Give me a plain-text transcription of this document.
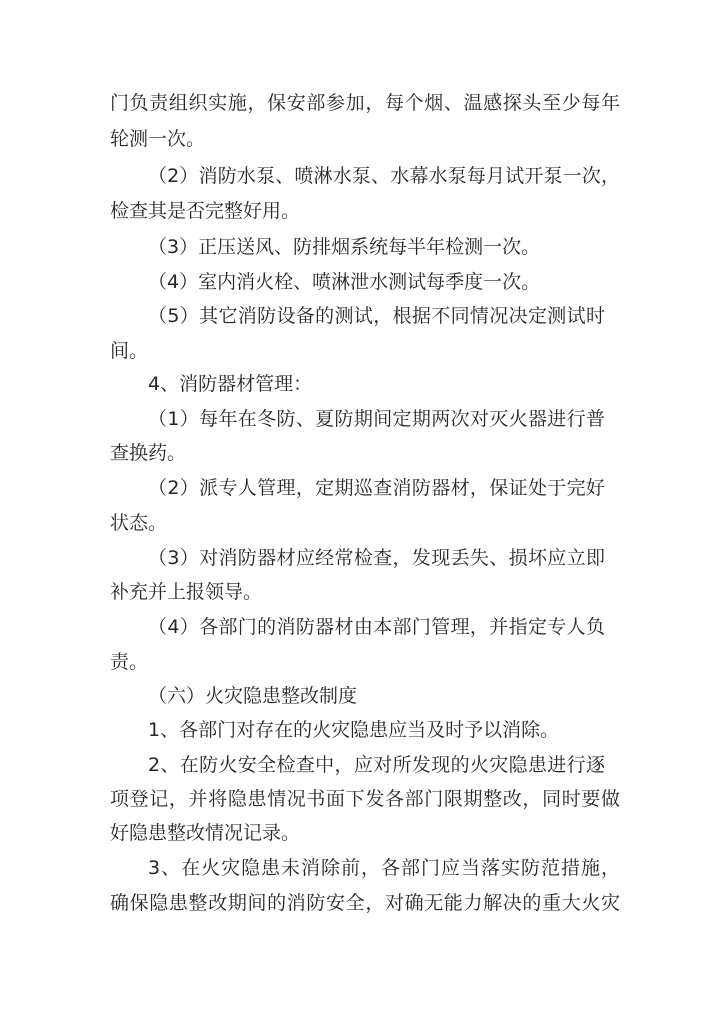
门负责组织实施，保安部参加，每个烟、温感探头至少每年
轮测一次。
（2）消防水泵、喷淋水泵、水幕水泵每月试开泵一次，
检查其是否完整好用。
（3）正压送风、防排烟系统每半年检测一次。
（4）室内消火栓、喷淋泄水测试每季度一次。
（5）其它消防设备的测试，根据不同情况决定测试时
间。
4、消防器材管理：
（1）每年在冬防、夏防期间定期两次对灭火器进行普
查换药。
（2）派专人管理，定期巡查消防器材，保证处于完好
状态。
（3）对消防器材应经常检查，发现丢失、损坏应立即
补充并上报领导。
（4）各部门的消防器材由本部门管理，并指定专人负
责。
（六）火灾隐患整改制度
1、各部门对存在的火灾隐患应当及时予以消除。
2、在防火安全检查中，应对所发现的火灾隐患进行逐
项登记，并将隐患情况书面下发各部门限期整改，同时要做
好隐患整改情况记录。
3、在火灾隐患未消除前，各部门应当落实防范措施，
确保隐患整改期间的消防安全，对确无能力解决的重大火灾
